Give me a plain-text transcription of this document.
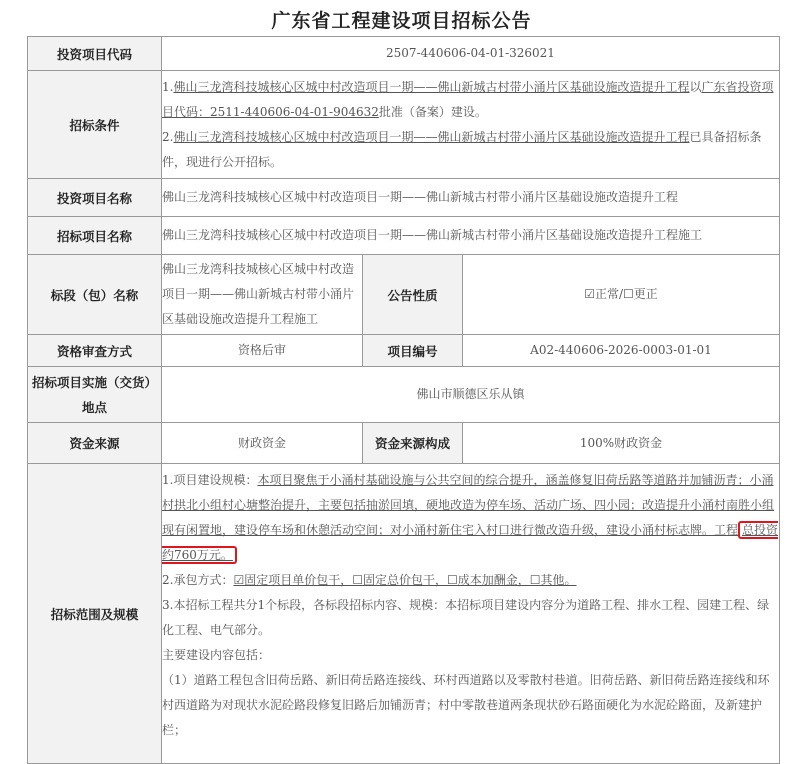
广东省工程建设项目招标公告
投资项目代码	2507-440606-04-01-326021		
招标条件	1.佛山三龙湾科技城核心区城中村改造项目一期——佛山新城古村带小涌片区基础设施改造提升工程以广东省投资项目代码：2511-440606-04-01-904632批准（备案）建设。
2.佛山三龙湾科技城核心区城中村改造项目一期——佛山新城古村带小涌片区基础设施改造提升工程已具备招标条件，现进行公开招标。		

投资项目名称	佛山三龙湾科技城核心区城中村改造项目一期——佛山新城古村带小涌片区基础设施改造提升工程		
招标项目名称	佛山三龙湾科技城核心区城中村改造项目一期——佛山新城古村带小涌片区基础设施改造提升工程施工		
标段（包）名称	佛山三龙湾科技城核心区城中村改造项目一期——佛山新城古村带小涌片区基础设施改造提升工程施工	公告性质	☑正常/☐更正
资格审查方式	资格后审	项目编号	A02-440606-2026-0003-01-01
招标项目实施（交货）地点	佛山市顺德区乐从镇		
资金来源	财政资金	资金来源构成	100%财政资金
招标范围及规模	1.项目建设规模：本项目聚焦于小涌村基础设施与公共空间的综合提升，涵盖修复旧荷岳路等道路并加铺沥青；小涌村拱北小组村心塘整治提升，主要包括抽淤回填，硬地改造为停车场、活动广场、四小园；改造提升小涌村南胜小组现有闲置地，建设停车场和休憩活动空间；对小涌村新住宅入村口进行微改造升级，建设小涌村标志牌。工程 总投资约760万元。
2.承包方式：☑固定项目单价包干，☐固定总价包干，☐成本加酬金，☐其他。
3.本招标工程共分1个标段，各标段招标内容、规模：本招标项目建设内容分为道路工程、排水工程、园建工程、绿化工程、电气部分。
主要建设内容包括：
（1）道路工程包含旧荷岳路、新旧荷岳路连接线、环村西道路以及零散村巷道。旧荷岳路、新旧荷岳路连接线和环村西道路为对现状水泥砼路段修复旧路后加铺沥青；村中零散巷道两条现状砂石路面硬化为水泥砼路面，及新建护栏；		
